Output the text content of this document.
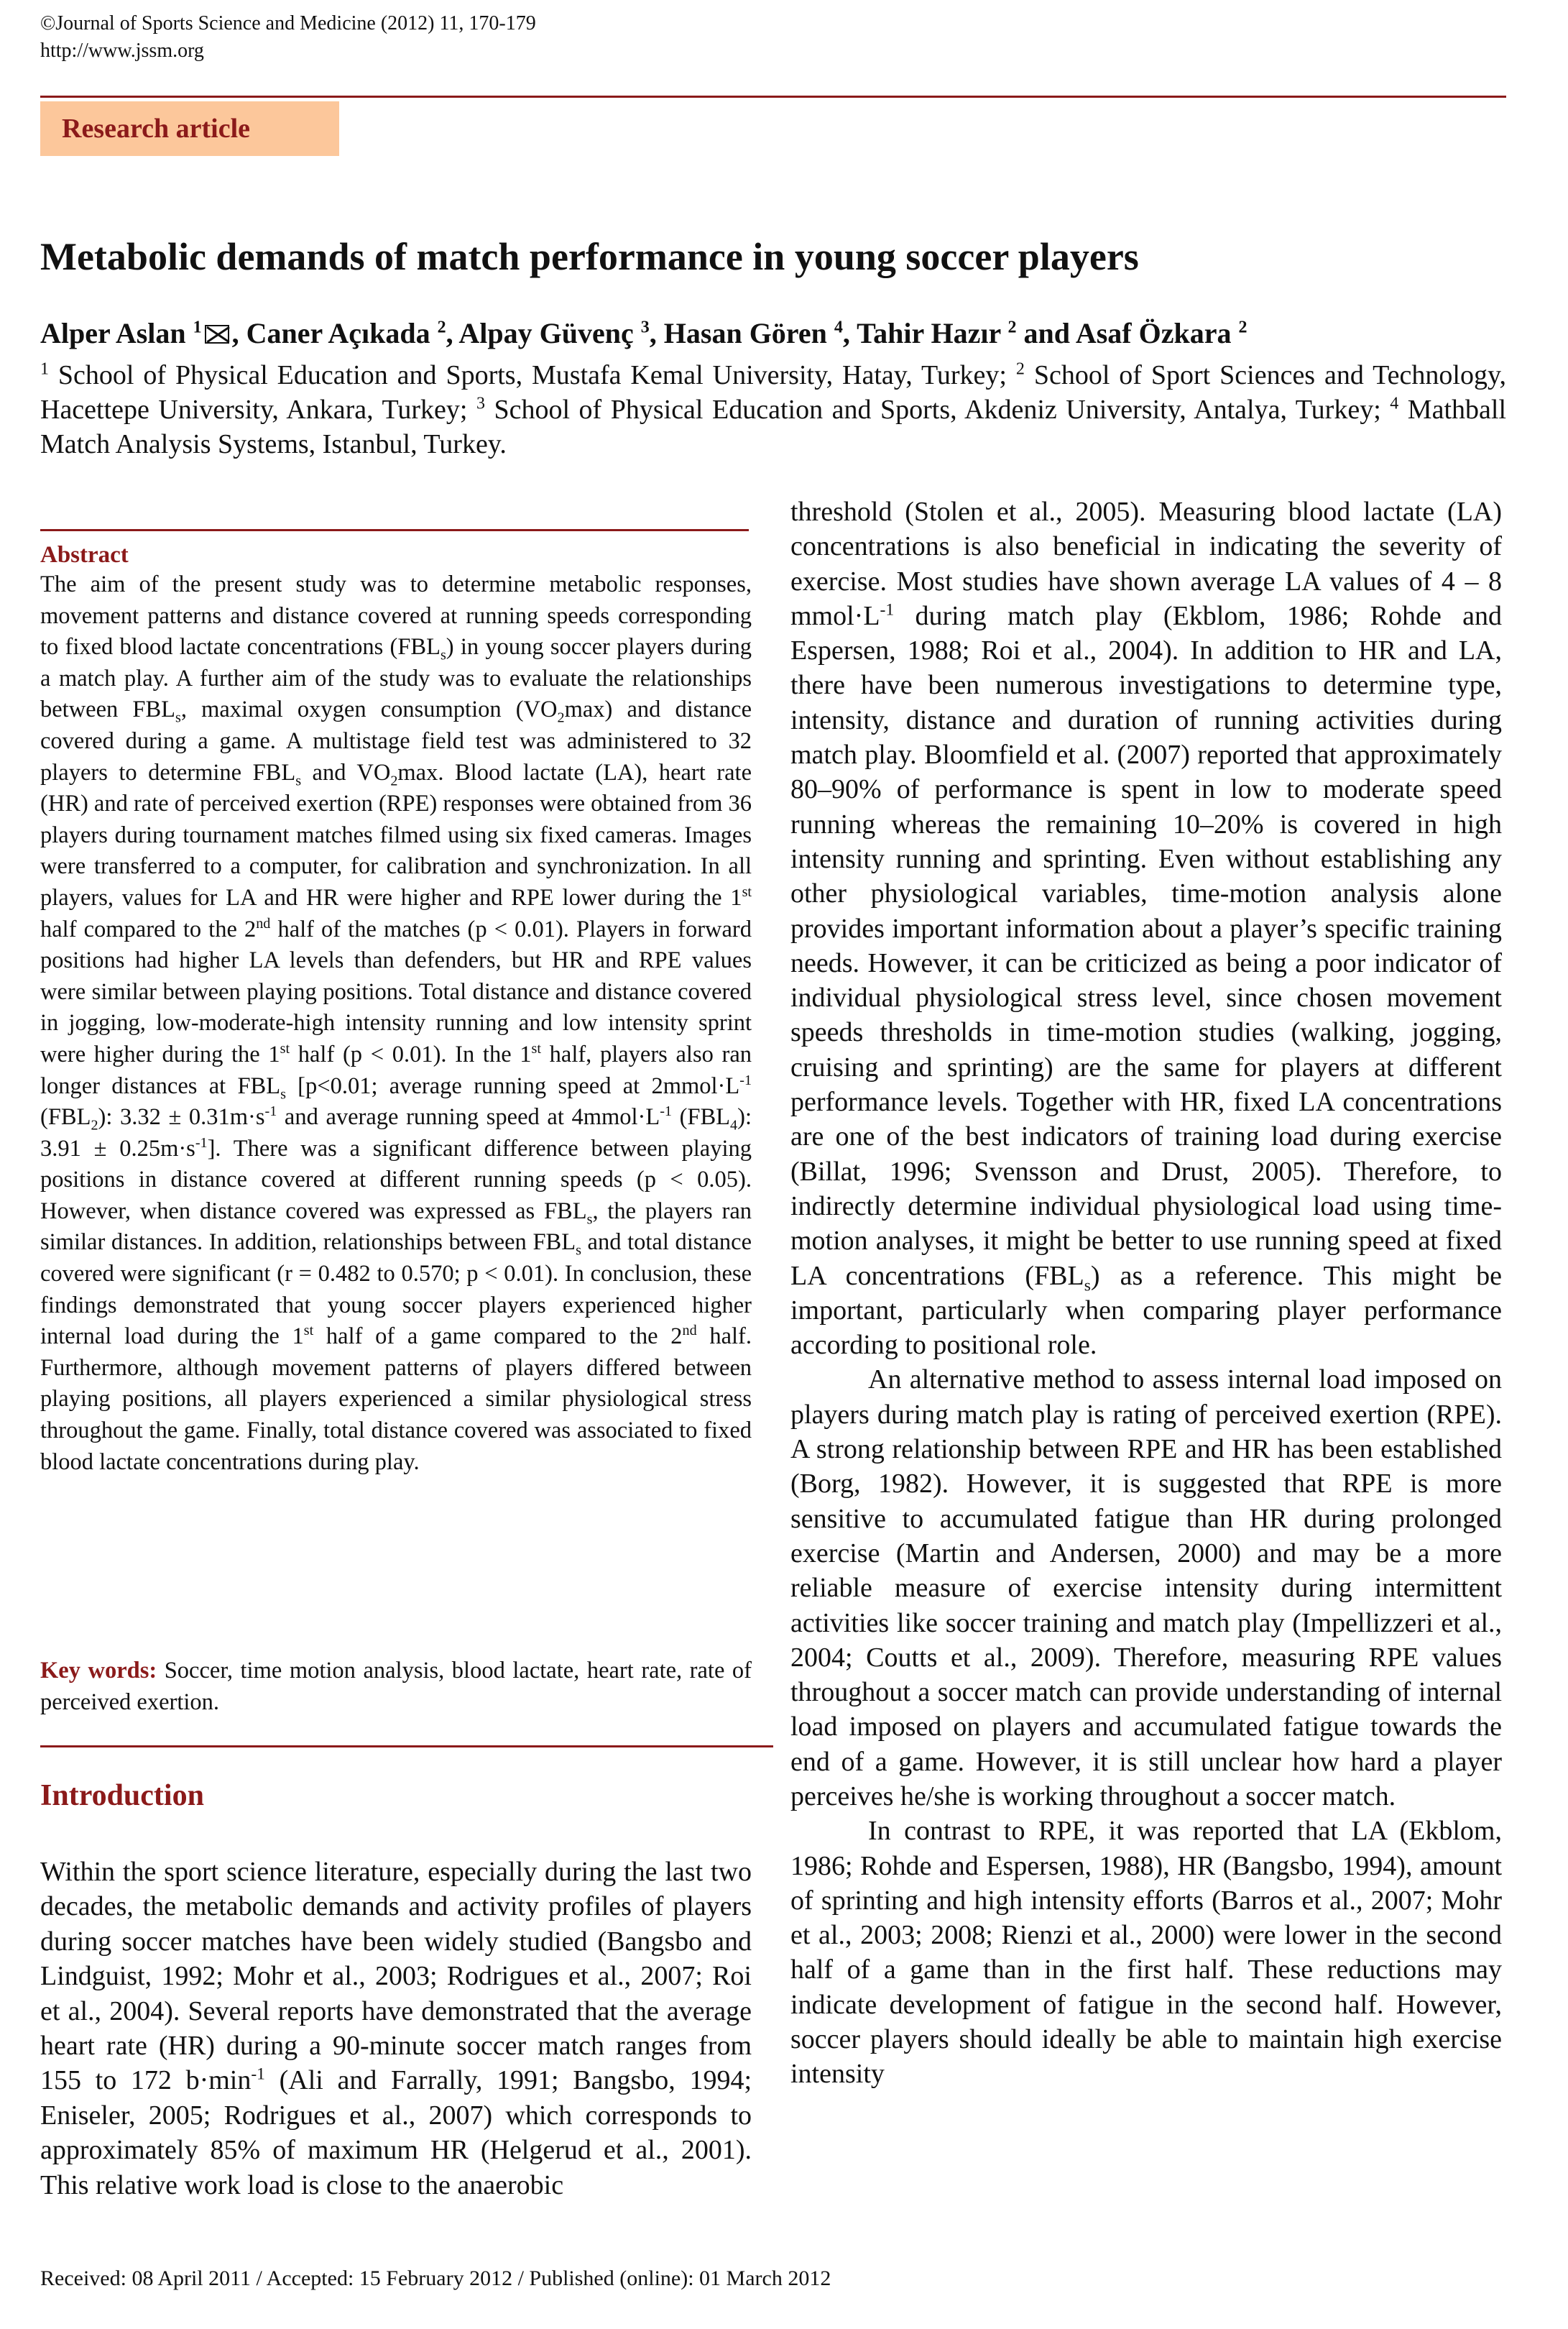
©Journal of Sports Science and Medicine (2012) 11, 170-179
http://www.jssm.org
Research article
Metabolic demands of match performance in young soccer players
Alper Aslan $^1$ , Caner Açıkada $^2$, Alpay Güvenç $^3$, Hasan Gören $^4$, Tahir Hazır $^2$ and Asaf Özkara $^2$
$^1$ School of Physical Education and Sports, Mustafa Kemal University, Hatay, Turkey; $^2$ School of Sport Sciences and Technology, Hacettepe University, Ankara, Turkey; $^3$ School of Physical Education and Sports, Akdeniz University, Antalya, Turkey; $^4$ Mathball Match Analysis Systems, Istanbul, Turkey.
Abstract
The aim of the present study was to determine metabolic responses, movement patterns and distance covered at running speeds corresponding to fixed blood lactate concentrations $(FBL_s)$ in young soccer players during a match play. A further aim of the study was to evaluate the relationships between $FBL_s$, maximal oxygen consumption $(VO_2\max)$ and distance covered during a game. A multistage field test was administered to 32 players to determine $FBL_s$ and $VO_2\max$. Blood lactate (LA), heart rate (HR) and rate of perceived exertion (RPE) responses were obtained from 36 players during tournament matches filmed using six fixed cameras. Images were transferred to a computer, for calibration and synchronization. In all players, values for LA and HR were higher and RPE lower during the 1st half compared to the 2nd half of the matches (p < 0.01). Players in forward positions had higher LA levels than defenders, but HR and RPE values were similar between playing positions. Total distance and distance covered in jogging, low-moderate-high intensity running and low intensity sprint were higher during the 1st half (p < 0.01). In the 1st half, players also ran longer distances at $FBL_s$ [p<0.01; average running speed at $2mmol\cdot L^{-1}$ $(FBL_2)$: $3.32 \pm 0.31m\cdot s^{-1}$ and average running speed at $4mmol\cdot L^{-1}$ $(FBL_4)$: $3.91 \pm 0.25m\cdot s^{-1}$]. There was a significant difference between playing positions in distance covered at different running speeds (p < 0.05). However, when distance covered was expressed as $FBL_s$, the players ran similar distances. In addition, relationships between $FBL_s$ and total distance covered were significant (r = 0.482 to 0.570; p < 0.01). In conclusion, these findings demonstrated that young soccer players experienced higher internal load during the 1st half of a game compared to the 2nd half. Furthermore, although movement patterns of players differed between playing positions, all players experienced a similar physiological stress throughout the game. Finally, total distance covered was associated to fixed blood lactate concentrations during play.
Key words: Soccer, time motion analysis, blood lactate, heart rate, rate of perceived exertion.
Introduction

Within the sport science literature, especially during the last two decades, the metabolic demands and activity profiles of players during soccer matches have been widely studied (Bangsbo and Lindguist, 1992; Mohr et al., 2003; Rodrigues et al., 2007; Roi et al., 2004). Several reports have demonstrated that the average heart rate (HR) during a 90-minute soccer match ranges from 155 to 172 $b\cdot\min^{-1}$ (Ali and Farrally, 1991; Bangsbo, 1994; Eniseler, 2005; Rodrigues et al., 2007) which corresponds to approximately 85% of maximum HR (Helgerud et al., 2001). This relative work load is close to the anaerobic

threshold (Stolen et al., 2005). Measuring blood lactate (LA) concentrations is also beneficial in indicating the severity of exercise. Most studies have shown average LA values of 4 – 8 $mmol\cdot L^{-1}$ during match play (Ekblom, 1986; Rohde and Espersen, 1988; Roi et al., 2004). In addition to HR and LA, there have been numerous investigations to determine type, intensity, distance and duration of running activities during match play. Bloomfield et al. (2007) reported that approximately 80–90% of performance is spent in low to moderate speed running whereas the remaining 10–20% is covered in high intensity running and sprinting. Even without establishing any other physiological variables, time-motion analysis alone provides important information about a player’s specific training needs. However, it can be criticized as being a poor indicator of individual physiological stress level, since chosen movement speeds thresholds in time-motion studies (walking, jogging, cruising and sprinting) are the same for players at different performance levels. Together with HR, fixed LA concentrations are one of the best indicators of training load during exercise (Billat, 1996; Svensson and Drust, 2005). Therefore, to indirectly determine individual physiological load using time-motion analyses, it might be better to use running speed at fixed LA concentrations $(FBL_s)$ as a reference. This might be important, particularly when comparing player performance according to positional role.

An alternative method to assess internal load imposed on players during match play is rating of perceived exertion (RPE). A strong relationship between RPE and HR has been established (Borg, 1982). However, it is suggested that RPE is more sensitive to accumulated fatigue than HR during prolonged exercise (Martin and Andersen, 2000) and may be a more reliable measure of exercise intensity during intermittent activities like soccer training and match play (Impellizzeri et al., 2004; Coutts et al., 2009). Therefore, measuring RPE values throughout a soccer match can provide understanding of internal load imposed on players and accumulated fatigue towards the end of a game. However, it is still unclear how hard a player perceives he/she is working throughout a soccer match.

In contrast to RPE, it was reported that LA (Ekblom, 1986; Rohde and Espersen, 1988), HR (Bangsbo, 1994), amount of sprinting and high intensity efforts (Barros et al., 2007; Mohr et al., 2003; 2008; Rienzi et al., 2000) were lower in the second half of a game than in the first half. These reductions may indicate development of fatigue in the second half. However, soccer players should ideally be able to maintain high exercise intensity

Received: 08 April 2011 / Accepted: 15 February 2012 / Published (online): 01 March 2012
